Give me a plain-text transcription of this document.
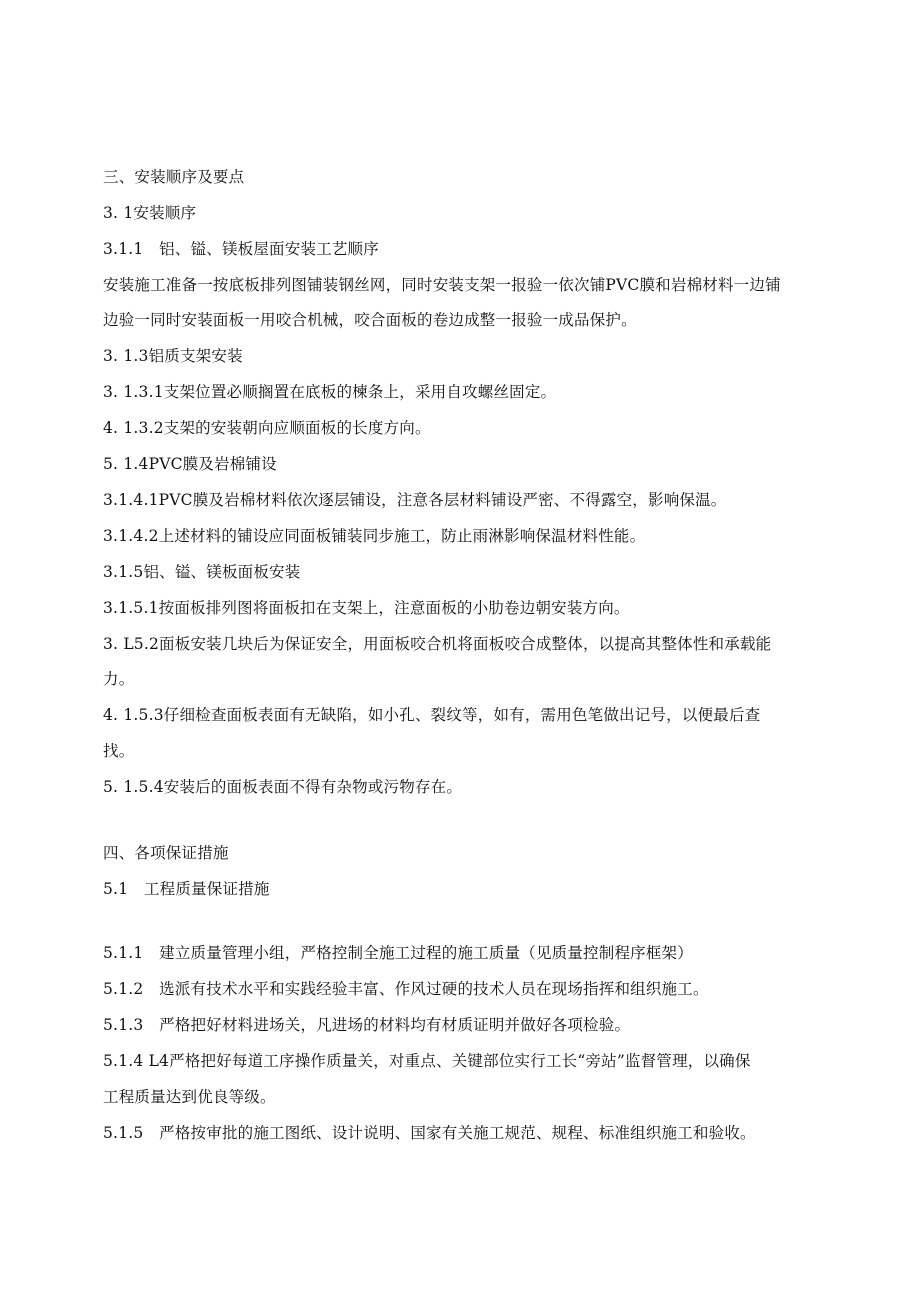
三、安装顺序及要点
3. 1安装顺序
3.1.1　铝、镒、镁板屋面安装工艺顺序
安装施工准备一按底板排列图铺装钢丝网，同时安装支架一报验一依次铺PVC膜和岩棉材料一边铺
边验一同时安装面板一用咬合机械，咬合面板的卷边成整一报验一成品保护。
3. 1.3铝质支架安装
3. 1.3.1支架位置必顺搁置在底板的楝条上，采用自攻螺丝固定。
4. 1.3.2支架的安装朝向应顺面板的长度方向。
5. 1.4PVC膜及岩棉铺设
3.1.4.1PVC膜及岩棉材料依次逐层铺设，注意各层材料铺设严密、不得露空，影响保温。
3.1.4.2上述材料的铺设应同面板铺装同步施工，防止雨淋影响保温材料性能。
3.1.5铝、镒、镁板面板安装
3.1.5.1按面板排列图将面板扣在支架上，注意面板的小肋卷边朝安装方向。
3. L5.2面板安装几块后为保证安全，用面板咬合机将面板咬合成整体，以提高其整体性和承载能
力。
4. 1.5.3仔细检查面板表面有无缺陷，如小孔、裂纹等，如有，需用色笔做出记号，以便最后查
找。
5. 1.5.4安装后的面板表面不得有杂物或污物存在。
四、各项保证措施
5.1　工程质量保证措施
5.1.1　建立质量管理小组，严格控制全施工过程的施工质量（见质量控制程序框架）
5.1.2　选派有技术水平和实践经验丰富、作风过硬的技术人员在现场指挥和组织施工。
5.1.3　严格把好材料进场关，凡进场的材料均有材质证明并做好各项检验。
5.1.4 L4严格把好每道工序操作质量关，对重点、关键部位实行工长“旁站”监督管理，以确保
工程质量达到优良等级。
5.1.5　严格按审批的施工图纸、设计说明、国家有关施工规范、规程、标准组织施工和验收。
